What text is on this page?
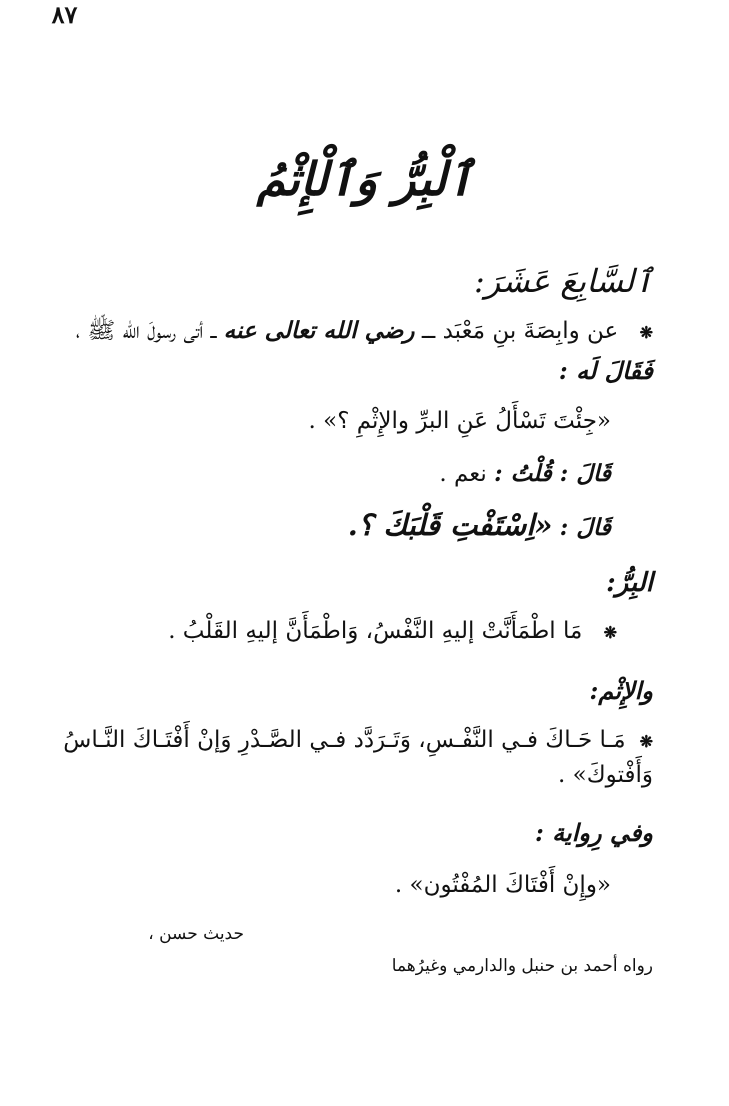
ٱلْبِرُّ وَٱلْإِثْمُ
ٱلسَّابِعَ عَشَرَ:
❋ عن وابِصَةَ بنِ مَعْبَد ــ رضي الله تعالى عنه ــ أتى رسولَ الله ﷺ ،
فَقَالَ لَه :
«جِئْتَ تَسْأَلُ عَنِ البرِّ والإِثْمِ ؟» .
قَالَ : قُلْتُ : نعم .
قَالَ : «اِسْتَفْتِ قَلْبَكَ ؟.
البِرُّ:
❋ مَا اطْمَأَنَّتْ إليهِ النَّفْسُ، وَاطْمَأَنَّ إليهِ القَلْبُ .
والإِثْم:
❋مَـا حَـاكَ فـي النَّفْـسِ، وَتَـرَدَّد فـي الصَّـدْرِ وَإنْ أَفْتَـاكَ النَّـاسُ
وَأَفْتوكَ» .
وفي رِواية :
«وإِنْ أَفْتَاكَ المُفْتُون» .
حديث حسن ،
رواه أحمد بن حنبل والدارمي وغيرُهما
٨٧
